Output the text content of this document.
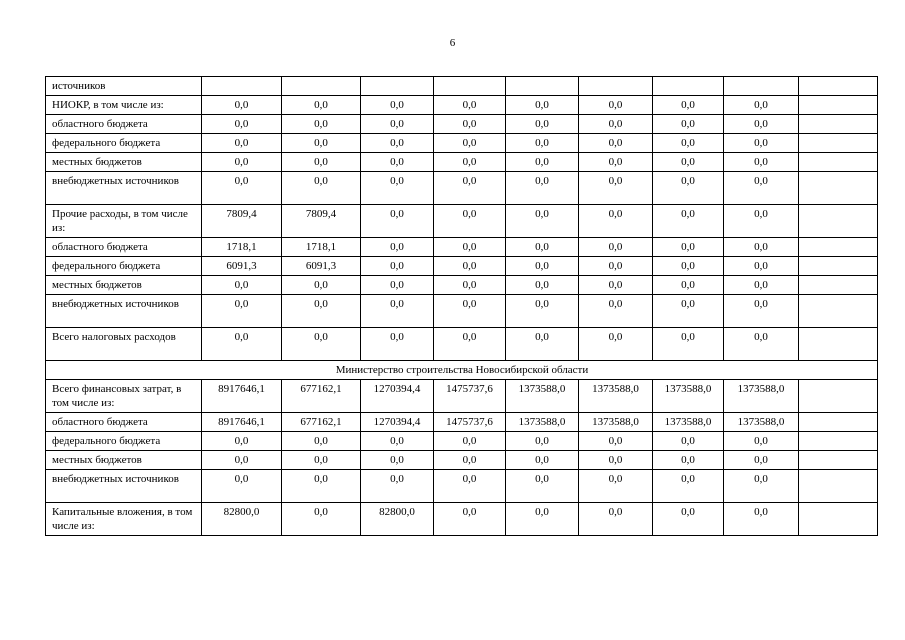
6
источников									
НИОКР, в том числе из:	0,0	0,0	0,0	0,0	0,0	0,0	0,0	0,0	
областного бюджета	0,0	0,0	0,0	0,0	0,0	0,0	0,0	0,0	
федерального бюджета	0,0	0,0	0,0	0,0	0,0	0,0	0,0	0,0	
местных бюджетов	0,0	0,0	0,0	0,0	0,0	0,0	0,0	0,0	
внебюджетных источников	0,0	0,0	0,0	0,0	0,0	0,0	0,0	0,0	
Прочие расходы, в том числе из:	7809,4	7809,4	0,0	0,0	0,0	0,0	0,0	0,0	
областного бюджета	1718,1	1718,1	0,0	0,0	0,0	0,0	0,0	0,0	
федерального бюджета	6091,3	6091,3	0,0	0,0	0,0	0,0	0,0	0,0	
местных бюджетов	0,0	0,0	0,0	0,0	0,0	0,0	0,0	0,0	
внебюджетных источников	0,0	0,0	0,0	0,0	0,0	0,0	0,0	0,0	
Всего налоговых расходов	0,0	0,0	0,0	0,0	0,0	0,0	0,0	0,0	
Министерство строительства Новосибирской области									
Всего финансовых затрат, в том числе из:	8917646,1	677162,1	1270394,4	1475737,6	1373588,0	1373588,0	1373588,0	1373588,0	
областного бюджета	8917646,1	677162,1	1270394,4	1475737,6	1373588,0	1373588,0	1373588,0	1373588,0	
федерального бюджета	0,0	0,0	0,0	0,0	0,0	0,0	0,0	0,0	
местных бюджетов	0,0	0,0	0,0	0,0	0,0	0,0	0,0	0,0	
внебюджетных источников	0,0	0,0	0,0	0,0	0,0	0,0	0,0	0,0	
Капитальные вложения, в том числе из:	82800,0	0,0	82800,0	0,0	0,0	0,0	0,0	0,0	
